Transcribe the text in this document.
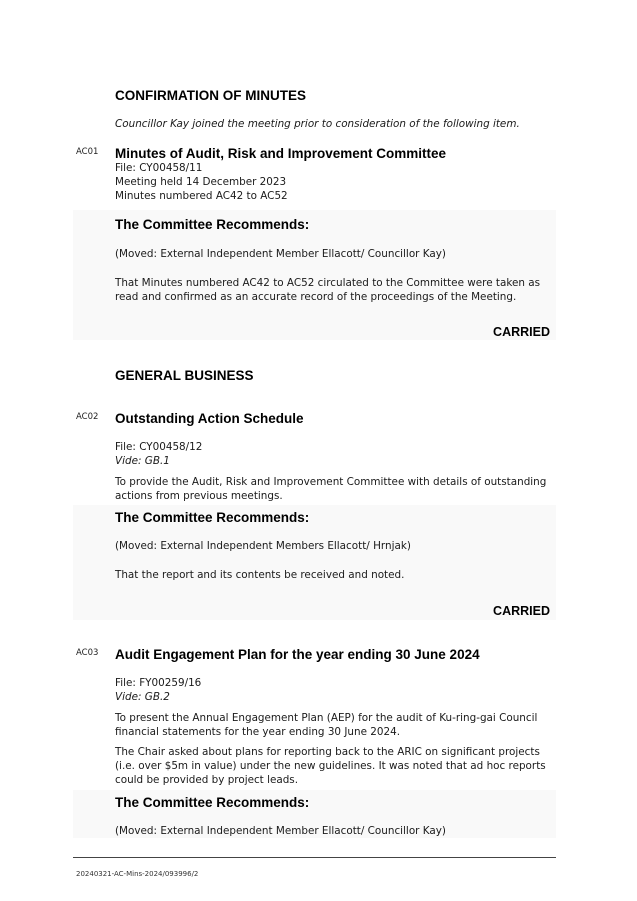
CONFIRMATION OF MINUTES
Councillor Kay joined the meeting prior to consideration of the following item.
AC01 Minutes of Audit, Risk and Improvement Committee
File: CY00458/11
Meeting held 14 December 2023
Minutes numbered AC42 to AC52
The Committee Recommends:
(Moved: External Independent Member Ellacott/ Councillor Kay)
That Minutes numbered AC42 to AC52 circulated to the Committee were taken as
read and confirmed as an accurate record of the proceedings of the Meeting.
CARRIED
GENERAL BUSINESS
AC02 Outstanding Action Schedule
File: CY00458/12
Vide: GB.1
To provide the Audit, Risk and Improvement Committee with details of outstanding
actions from previous meetings.
The Committee Recommends:
(Moved: External Independent Members Ellacott/ Hrnjak)
That the report and its contents be received and noted.
CARRIED
AC03 Audit Engagement Plan for the year ending 30 June 2024
File: FY00259/16
Vide: GB.2
To present the Annual Engagement Plan (AEP) for the audit of Ku-ring-gai Council
financial statements for the year ending 30 June 2024.
The Chair asked about plans for reporting back to the ARIC on significant projects
(i.e. over $5m in value) under the new guidelines. It was noted that ad hoc reports
could be provided by project leads.
The Committee Recommends:
(Moved: External Independent Member Ellacott/ Councillor Kay)
20240321-AC-Mins-2024/093996/2
